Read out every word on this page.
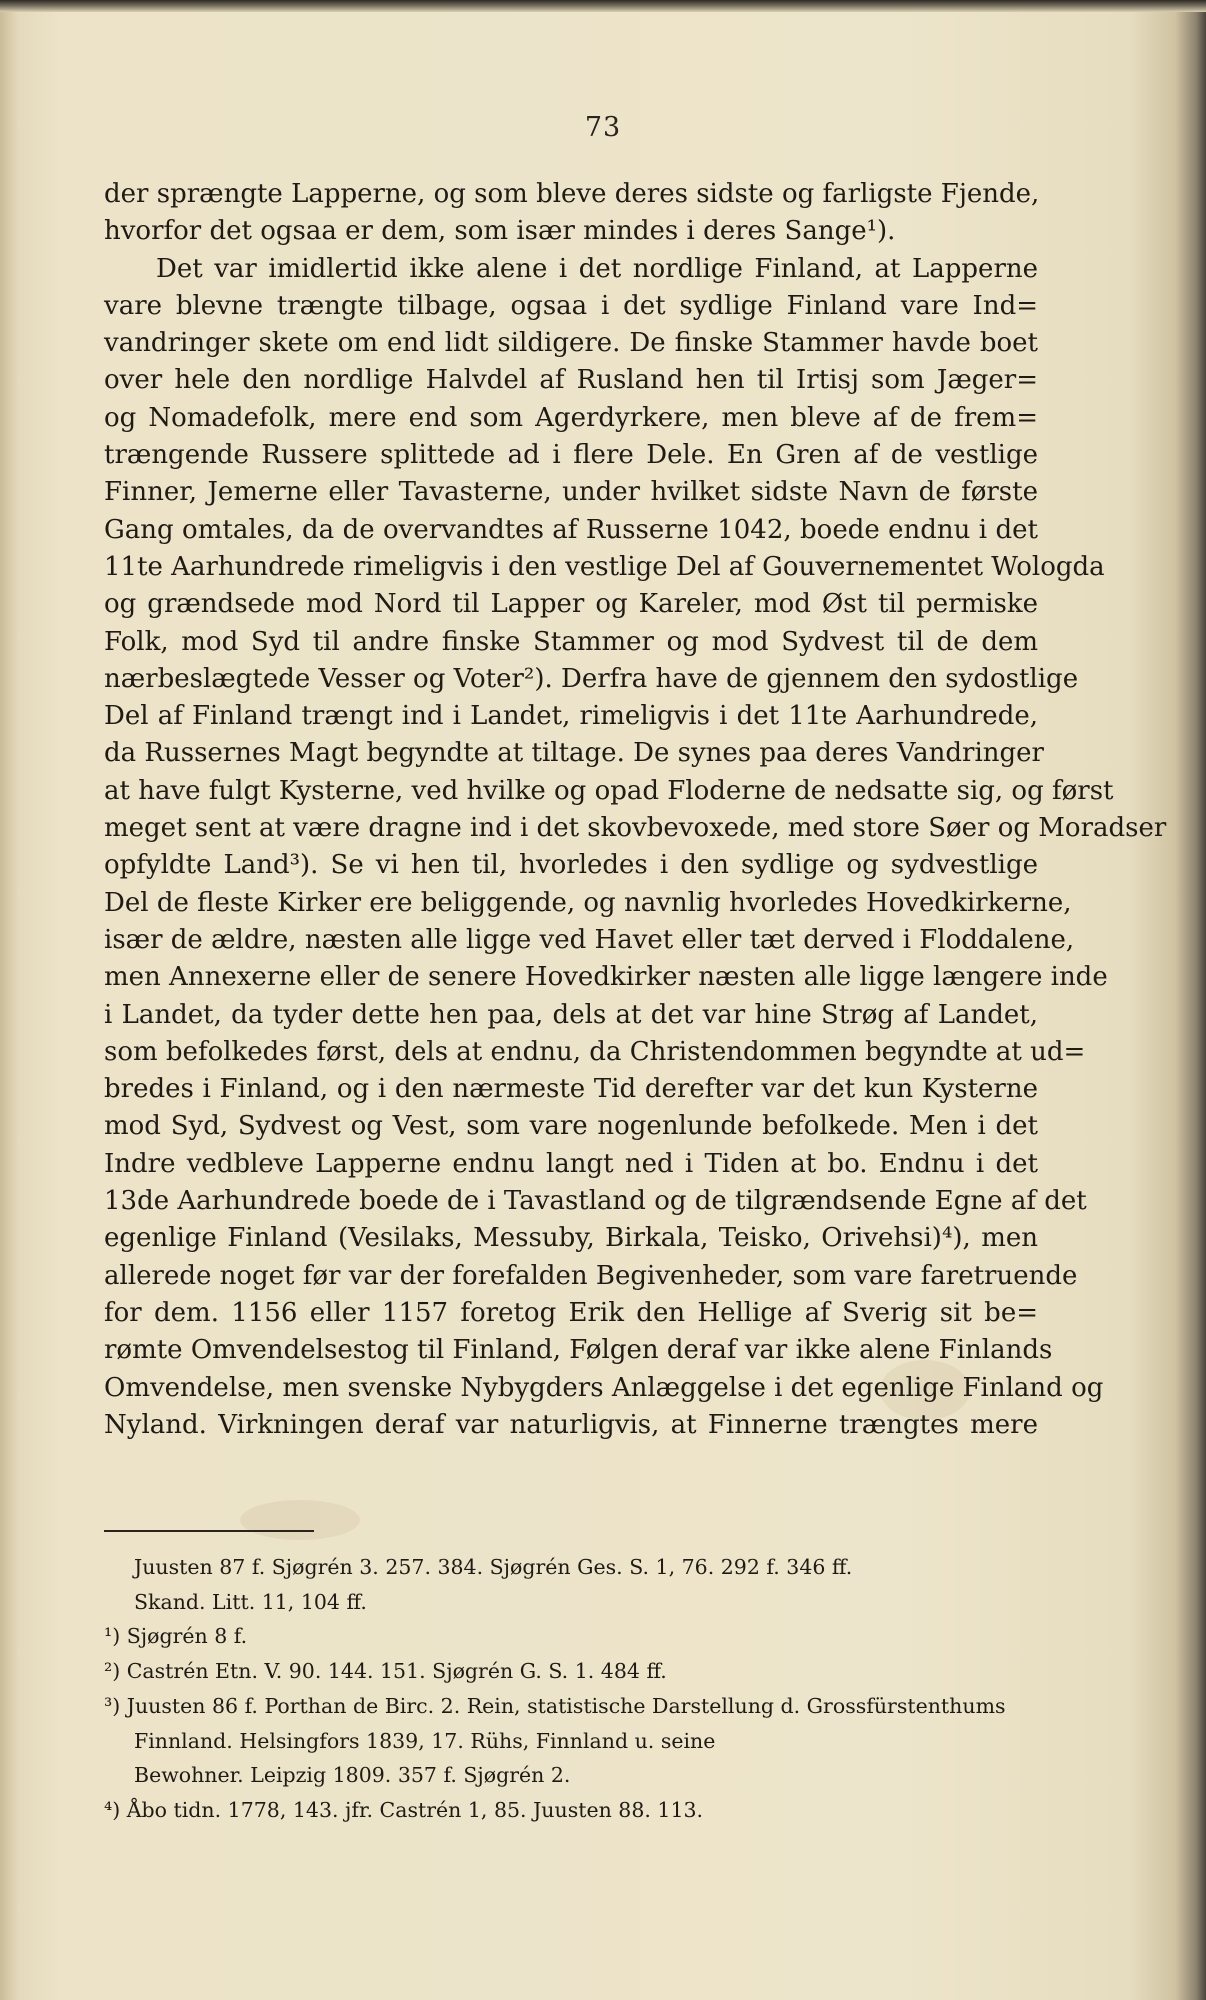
73
der sprængte Lapperne, og som bleve deres sidste og farligste Fjende,
hvorfor det ogsaa er dem, som især mindes i deres Sange¹).
Det var imidlertid ikke alene i det nordlige Finland, at Lapperne
vare blevne trængte tilbage, ogsaa i det sydlige Finland vare Ind=
vandringer skete om end lidt sildigere. De finske Stammer havde boet
over hele den nordlige Halvdel af Rusland hen til Irtisj som Jæger=
og Nomadefolk, mere end som Agerdyrkere, men bleve af de frem=
trængende Russere splittede ad i flere Dele. En Gren af de vestlige
Finner, Jemerne eller Tavasterne, under hvilket sidste Navn de første
Gang omtales, da de overvandtes af Russerne 1042, boede endnu i det
11te Aarhundrede rimeligvis i den vestlige Del af Gouvernementet Wologda
og grændsede mod Nord til Lapper og Kareler, mod Øst til permiske
Folk, mod Syd til andre finske Stammer og mod Sydvest til de dem
nærbeslægtede Vesser og Voter²). Derfra have de gjennem den sydostlige
Del af Finland trængt ind i Landet, rimeligvis i det 11te Aarhundrede,
da Russernes Magt begyndte at tiltage. De synes paa deres Vandringer
at have fulgt Kysterne, ved hvilke og opad Floderne de nedsatte sig, og først
meget sent at være dragne ind i det skovbevoxede, med store Søer og Moradser
opfyldte Land³). Se vi hen til, hvorledes i den sydlige og sydvestlige
Del de fleste Kirker ere beliggende, og navnlig hvorledes Hovedkirkerne,
især de ældre, næsten alle ligge ved Havet eller tæt derved i Floddalene,
men Annexerne eller de senere Hovedkirker næsten alle ligge længere inde
i Landet, da tyder dette hen paa, dels at det var hine Strøg af Landet,
som befolkedes først, dels at endnu, da Christendommen begyndte at ud=
bredes i Finland, og i den nærmeste Tid derefter var det kun Kysterne
mod Syd, Sydvest og Vest, som vare nogenlunde befolkede. Men i det
Indre vedbleve Lapperne endnu langt ned i Tiden at bo. Endnu i det
13de Aarhundrede boede de i Tavastland og de tilgrændsende Egne af det
egenlige Finland (Vesilaks, Messuby, Birkala, Teisko, Orivehsi)⁴), men
allerede noget før var der forefalden Begivenheder, som vare faretruende
for dem. 1156 eller 1157 foretog Erik den Hellige af Sverig sit be=
rømte Omvendelsestog til Finland, Følgen deraf var ikke alene Finlands
Omvendelse, men svenske Nybygders Anlæggelse i det egenlige Finland og
Nyland. Virkningen deraf var naturligvis, at Finnerne trængtes mere
Juusten 87 f. Sjøgrén 3. 257. 384. Sjøgrén Ges. S. 1, 76. 292 f. 346 ff.
Skand. Litt. 11, 104 ff.
¹) Sjøgrén 8 f.
²) Castrén Etn. V. 90. 144. 151. Sjøgrén G. S. 1. 484 ff.
³) Juusten 86 f. Porthan de Birc. 2. Rein, statistische Darstellung d. Grossfürstenthums Finnland. Helsingfors 1839, 17. Rühs, Finnland u. seine
Bewohner. Leipzig 1809. 357 f. Sjøgrén 2.
⁴) Åbo tidn. 1778, 143. jfr. Castrén 1, 85. Juusten 88. 113.
